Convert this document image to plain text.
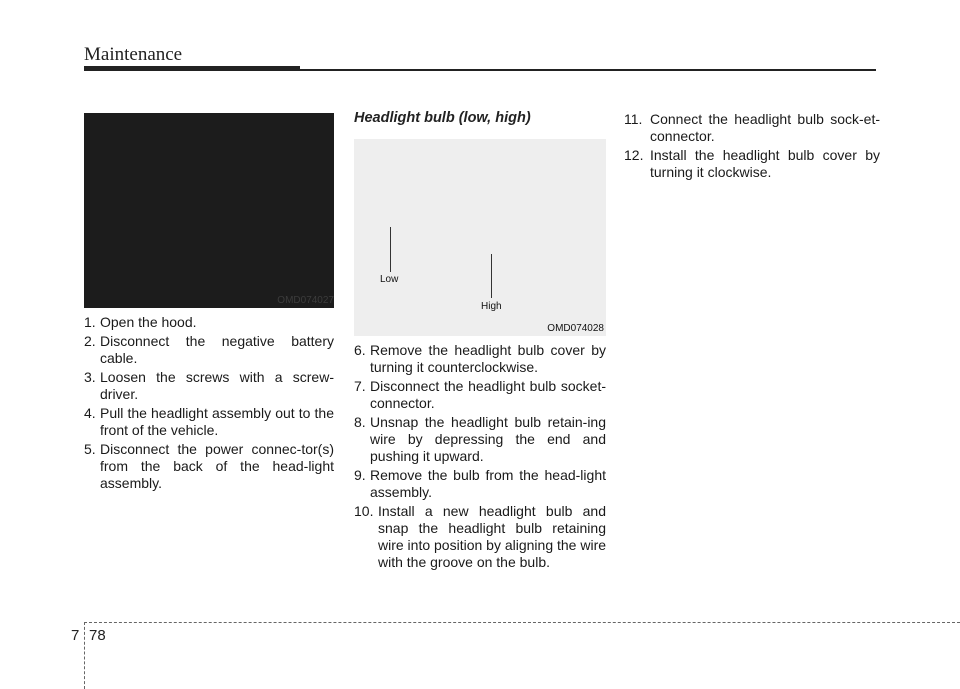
Maintenance
OMD074027
1. Open the hood.
2. Disconnect the negative battery cable.
3. Loosen the screws with a screw-driver.
4. Pull the headlight assembly out to the front of the vehicle.
5. Disconnect the power connec-tor(s) from the back of the head-light assembly.
Headlight bulb (low, high)
Low
High
OMD074028
6. Remove the headlight bulb cover by turning it counterclockwise.
7. Disconnect the headlight bulb socket-connector.
8. Unsnap the headlight bulb retain-ing wire by depressing the end and pushing it upward.
9. Remove the bulb from the head-light assembly.
10. Install a new headlight bulb and snap the headlight bulb retaining wire into position by aligning the wire with the groove on the bulb.
11. Connect the headlight bulb sock-et-connector.
12. Install the headlight bulb cover by turning it clockwise.
7 78
